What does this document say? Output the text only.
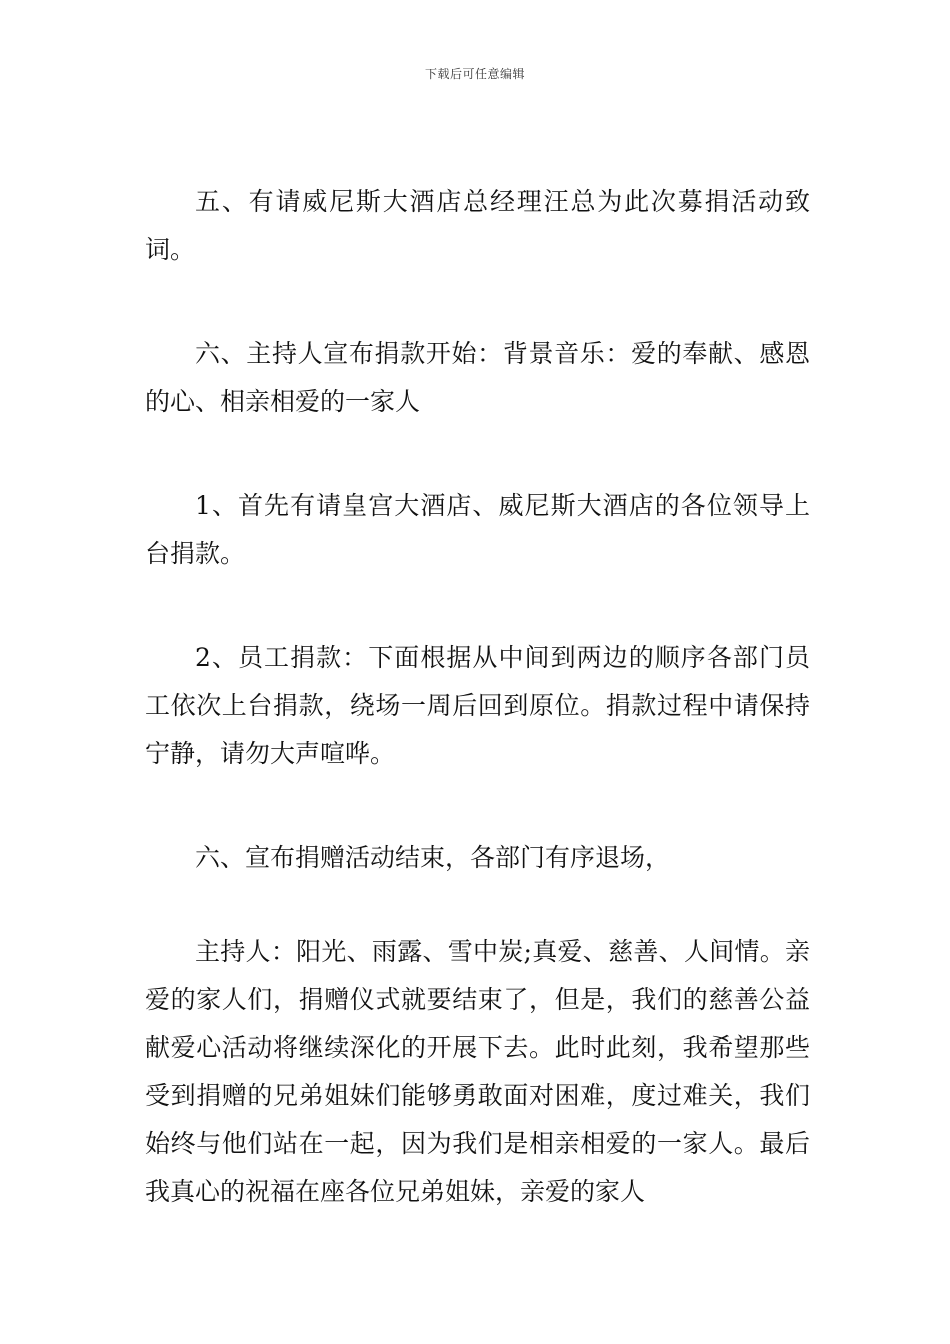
下载后可任意编辑

五、有请威尼斯大酒店总经理汪总为此次募捐活动致词。

六、主持人宣布捐款开始：背景音乐：爱的奉献、感恩的心、相亲相爱的一家人

1、首先有请皇宫大酒店、威尼斯大酒店的各位领导上台捐款。

2、员工捐款：下面根据从中间到两边的顺序各部门员工依次上台捐款，绕场一周后回到原位。捐款过程中请保持宁静，请勿大声喧哗。

六、宣布捐赠活动结束，各部门有序退场，

主持人：阳光、雨露、雪中炭;真爱、慈善、人间情。亲爱的家人们，捐赠仪式就要结束了，但是，我们的慈善公益献爱心活动将继续深化的开展下去。此时此刻，我希望那些受到捐赠的兄弟姐妹们能够勇敢面对困难，度过难关，我们始终与他们站在一起，因为我们是相亲相爱的一家人。最后我真心的祝福在座各位兄弟姐妹，亲爱的家人
